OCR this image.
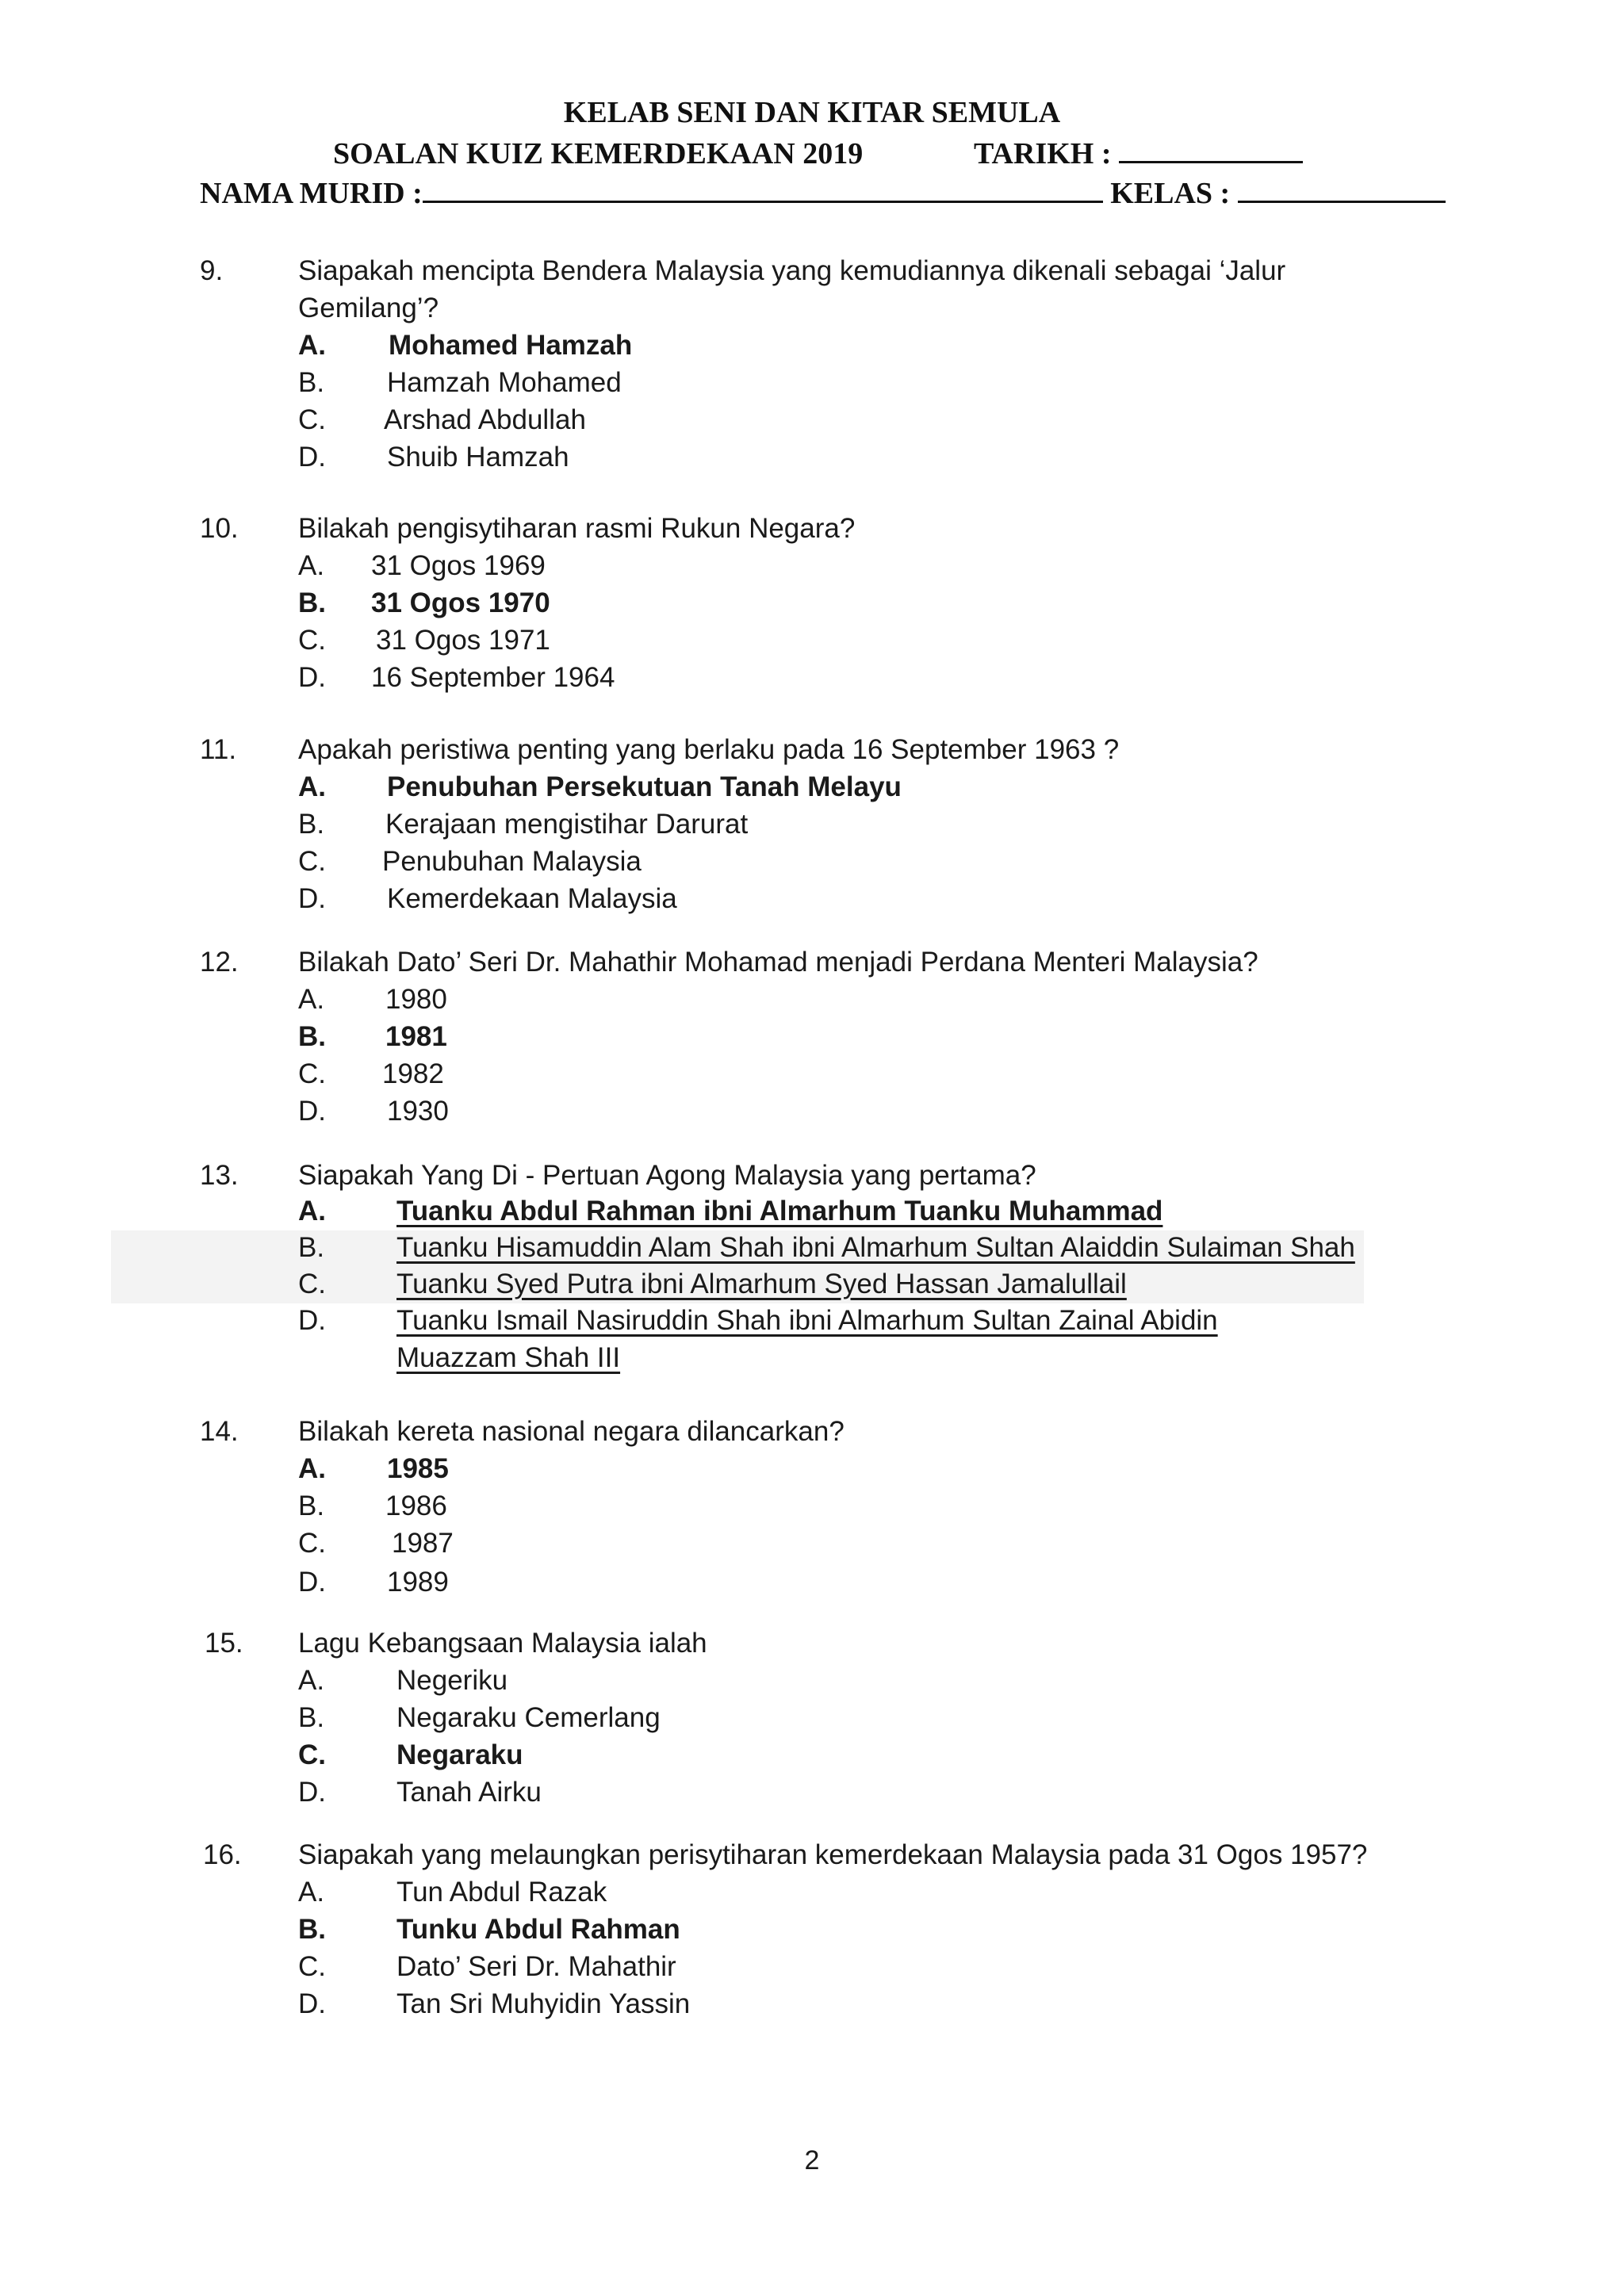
KELAB SENI DAN KITAR SEMULA
SOALAN KUIZ KEMERDEKAAN 2019	TARIKH :
NAMA MURID :	KELAS :
9.	Siapakah mencipta Bendera Malaysia yang kemudiannya dikenali sebagai ‘Jalur Gemilang’?
A.	Mohamed Hamzah
B.	Hamzah Mohamed
C.	Arshad Abdullah
D.	Shuib Hamzah
10. Bilakah pengisytiharan rasmi Rukun Negara?
A.	31 Ogos 1969
B.	31 Ogos 1970
C.	31 Ogos 1971
D.	16 September 1964
11. Apakah peristiwa penting yang berlaku pada 16 September 1963 ?
A.	Penubuhan Persekutuan Tanah Melayu
B.	Kerajaan mengistihar Darurat
C.	Penubuhan Malaysia
D.	Kemerdekaan Malaysia
12. Bilakah Dato’ Seri Dr. Mahathir Mohamad menjadi Perdana Menteri Malaysia?
A.	1980
B.	1981
C.	1982
D.	1930
13. Siapakah Yang Di - Pertuan Agong Malaysia yang pertama?
A.	Tuanku Abdul Rahman ibni Almarhum Tuanku Muhammad
B.	Tuanku Hisamuddin Alam Shah ibni Almarhum Sultan Alaiddin Sulaiman Shah
C.	Tuanku Syed Putra ibni Almarhum Syed Hassan Jamalullail
D.	Tuanku Ismail Nasiruddin Shah ibni Almarhum Sultan Zainal Abidin
Muazzam Shah III
14. Bilakah kereta nasional negara dilancarkan?
A.	1985
B.	1986
C.	1987
D.	1989
15. Lagu Kebangsaan Malaysia ialah
A.	Negeriku
B.	Negaraku Cemerlang
C.	Negaraku
D.	Tanah Airku
16. Siapakah yang melaungkan perisytiharan kemerdekaan Malaysia pada 31 Ogos 1957?
A.	Tun Abdul Razak
B.	Tunku Abdul Rahman
C.	Dato’ Seri Dr. Mahathir
D.	Tan Sri Muhyidin Yassin
2
